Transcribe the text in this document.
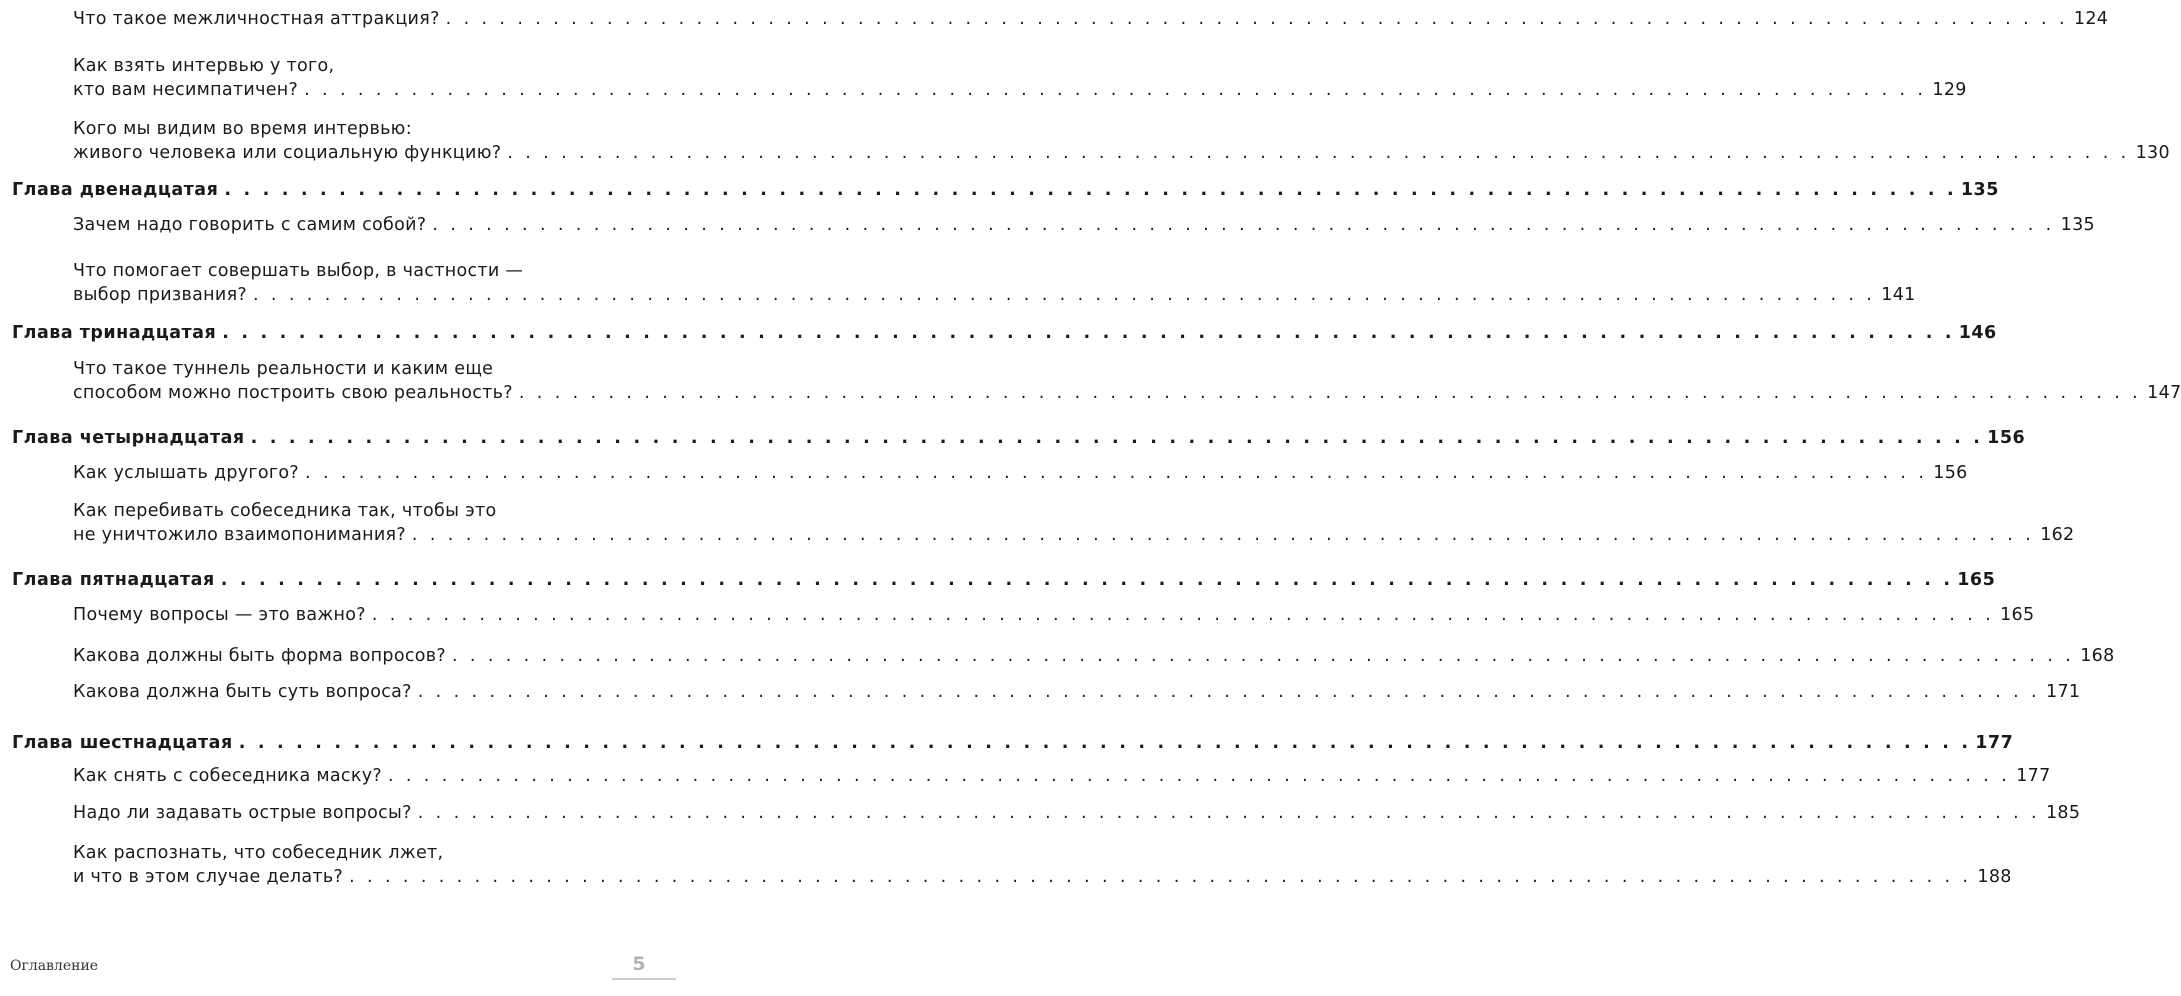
Что такое межличностная аттракция? . . . . . . . . . . . . . . . . . . . . . . . . . . . . . . . . . . . . . . . . . . . . . . . . . . . . . . . . . . . . . . . . . . . . . . . . . . . . . . . . . . . . . . . . . . . 124
Как взять интервью у того,
кто вам несимпатичен? . . . . . . . . . . . . . . . . . . . . . . . . . . . . . . . . . . . . . . . . . . . . . . . . . . . . . . . . . . . . . . . . . . . . . . . . . . . . . . . . . . . . . . . . . . . 129
Кого мы видим во время интервью:
живого человека или социальную функцию? . . . . . . . . . . . . . . . . . . . . . . . . . . . . . . . . . . . . . . . . . . . . . . . . . . . . . . . . . . . . . . . . . . . . . . . . . . . . . . . . . . . . . . . . . . . 130
Глава двенадцатая . . . . . . . . . . . . . . . . . . . . . . . . . . . . . . . . . . . . . . . . . . . . . . . . . . . . . . . . . . . . . . . . . . . . . . . . . . . . . . . . . . . . . . . . . . . 135
Зачем надо говорить с самим собой? . . . . . . . . . . . . . . . . . . . . . . . . . . . . . . . . . . . . . . . . . . . . . . . . . . . . . . . . . . . . . . . . . . . . . . . . . . . . . . . . . . . . . . . . . . . 135
Что помогает совершать выбор, в частности —
выбор призвания? . . . . . . . . . . . . . . . . . . . . . . . . . . . . . . . . . . . . . . . . . . . . . . . . . . . . . . . . . . . . . . . . . . . . . . . . . . . . . . . . . . . . . . . . . . . 141
Глава тринадцатая . . . . . . . . . . . . . . . . . . . . . . . . . . . . . . . . . . . . . . . . . . . . . . . . . . . . . . . . . . . . . . . . . . . . . . . . . . . . . . . . . . . . . . . . . . . 146
Что такое туннель реальности и каким еще
способом можно построить свою реальность? . . . . . . . . . . . . . . . . . . . . . . . . . . . . . . . . . . . . . . . . . . . . . . . . . . . . . . . . . . . . . . . . . . . . . . . . . . . . . . . . . . . . . . . . . . . 147
Глава четырнадцатая . . . . . . . . . . . . . . . . . . . . . . . . . . . . . . . . . . . . . . . . . . . . . . . . . . . . . . . . . . . . . . . . . . . . . . . . . . . . . . . . . . . . . . . . . . . 156
Как услышать другого? . . . . . . . . . . . . . . . . . . . . . . . . . . . . . . . . . . . . . . . . . . . . . . . . . . . . . . . . . . . . . . . . . . . . . . . . . . . . . . . . . . . . . . . . . . . 156
Как перебивать собеседника так, чтобы это
не уничтожило взаимопонимания? . . . . . . . . . . . . . . . . . . . . . . . . . . . . . . . . . . . . . . . . . . . . . . . . . . . . . . . . . . . . . . . . . . . . . . . . . . . . . . . . . . . . . . . . . . . 162
Глава пятнадцатая . . . . . . . . . . . . . . . . . . . . . . . . . . . . . . . . . . . . . . . . . . . . . . . . . . . . . . . . . . . . . . . . . . . . . . . . . . . . . . . . . . . . . . . . . . . 165
Почему вопросы — это важно? . . . . . . . . . . . . . . . . . . . . . . . . . . . . . . . . . . . . . . . . . . . . . . . . . . . . . . . . . . . . . . . . . . . . . . . . . . . . . . . . . . . . . . . . . . . 165
Какова должны быть форма вопросов? . . . . . . . . . . . . . . . . . . . . . . . . . . . . . . . . . . . . . . . . . . . . . . . . . . . . . . . . . . . . . . . . . . . . . . . . . . . . . . . . . . . . . . . . . . . 168
Какова должна быть суть вопроса? . . . . . . . . . . . . . . . . . . . . . . . . . . . . . . . . . . . . . . . . . . . . . . . . . . . . . . . . . . . . . . . . . . . . . . . . . . . . . . . . . . . . . . . . . . . 171
Глава шестнадцатая . . . . . . . . . . . . . . . . . . . . . . . . . . . . . . . . . . . . . . . . . . . . . . . . . . . . . . . . . . . . . . . . . . . . . . . . . . . . . . . . . . . . . . . . . . . 177
Как снять с собеседника маску? . . . . . . . . . . . . . . . . . . . . . . . . . . . . . . . . . . . . . . . . . . . . . . . . . . . . . . . . . . . . . . . . . . . . . . . . . . . . . . . . . . . . . . . . . . . 177
Надо ли задавать острые вопросы? . . . . . . . . . . . . . . . . . . . . . . . . . . . . . . . . . . . . . . . . . . . . . . . . . . . . . . . . . . . . . . . . . . . . . . . . . . . . . . . . . . . . . . . . . . . 185
Как распознать, что собеседник лжет,
и что в этом случае делать? . . . . . . . . . . . . . . . . . . . . . . . . . . . . . . . . . . . . . . . . . . . . . . . . . . . . . . . . . . . . . . . . . . . . . . . . . . . . . . . . . . . . . . . . . . . 188
Оглавление	5
